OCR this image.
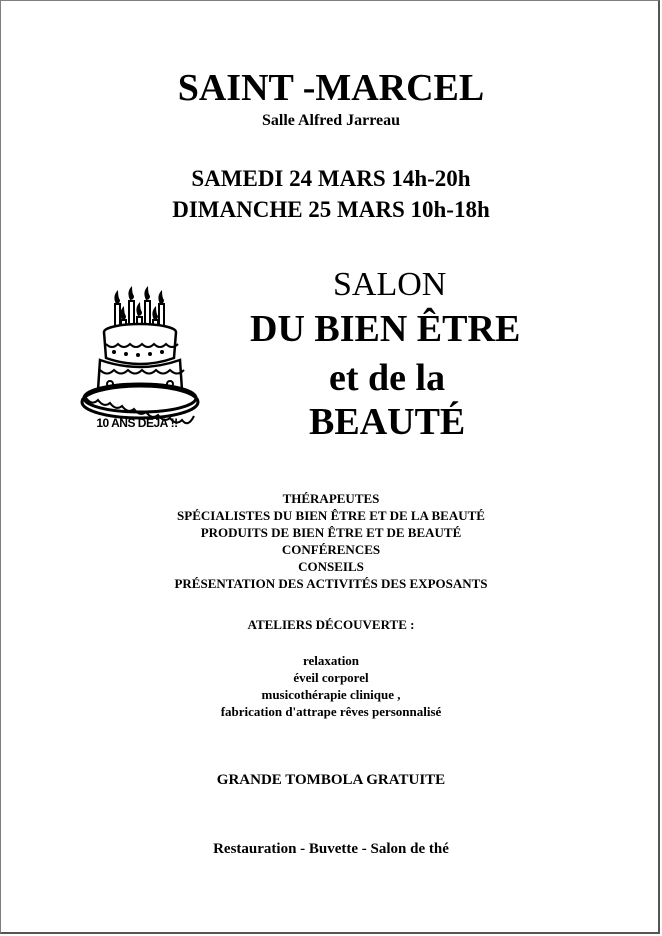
SAINT -MARCEL
Salle Alfred Jarreau
SAMEDI 24 MARS 14h-20h
DIMANCHE 25 MARS 10h-18h
SALON
DU BIEN ÊTRE
et de la
BEAUTÉ
10 ANS DÉJÀ !!
THÉRAPEUTES
SPÉCIALISTES DU BIEN ÊTRE ET DE LA BEAUTÉ
PRODUITS DE BIEN ÊTRE ET DE BEAUTÉ
CONFÉRENCES
CONSEILS
PRÉSENTATION DES ACTIVITÉS DES EXPOSANTS
ATELIERS DÉCOUVERTE :
relaxation
éveil corporel
musicothérapie clinique ,
fabrication d'attrape rêves personnalisé
GRANDE TOMBOLA GRATUITE
Restauration - Buvette - Salon de thé
